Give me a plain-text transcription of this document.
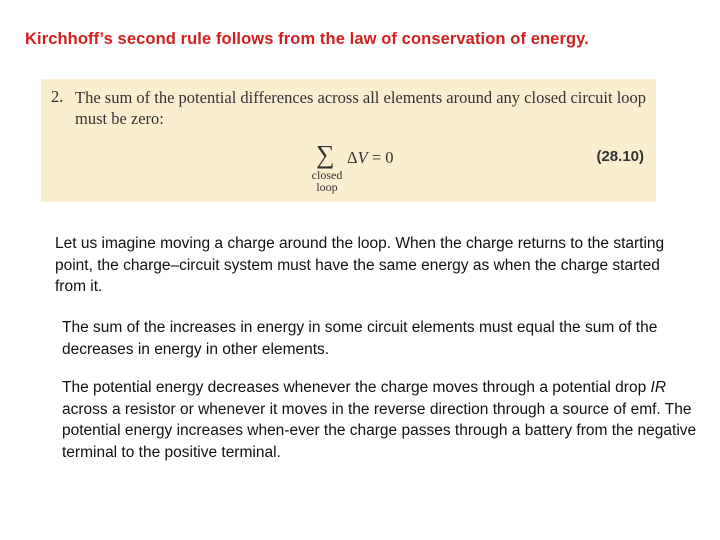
Kirchhoff’s second rule follows from the law of conservation of energy.
2. The sum of the potential differences across all elements around any closed circuit loop must be zero:
∑
closed
loop
ΔV = 0	(28.10)
Let us imagine moving a charge around the loop. When the charge returns to the starting point, the charge–circuit system must have the same energy as when the charge started from it.
The sum of the increases in energy in some circuit elements must equal the sum of the decreases in energy in other elements.
The potential energy decreases whenever the charge moves through a potential drop IR across a resistor or whenever it moves in the reverse direction through a source of emf. The potential energy increases when-ever the charge passes through a battery from the negative terminal to the positive terminal.
